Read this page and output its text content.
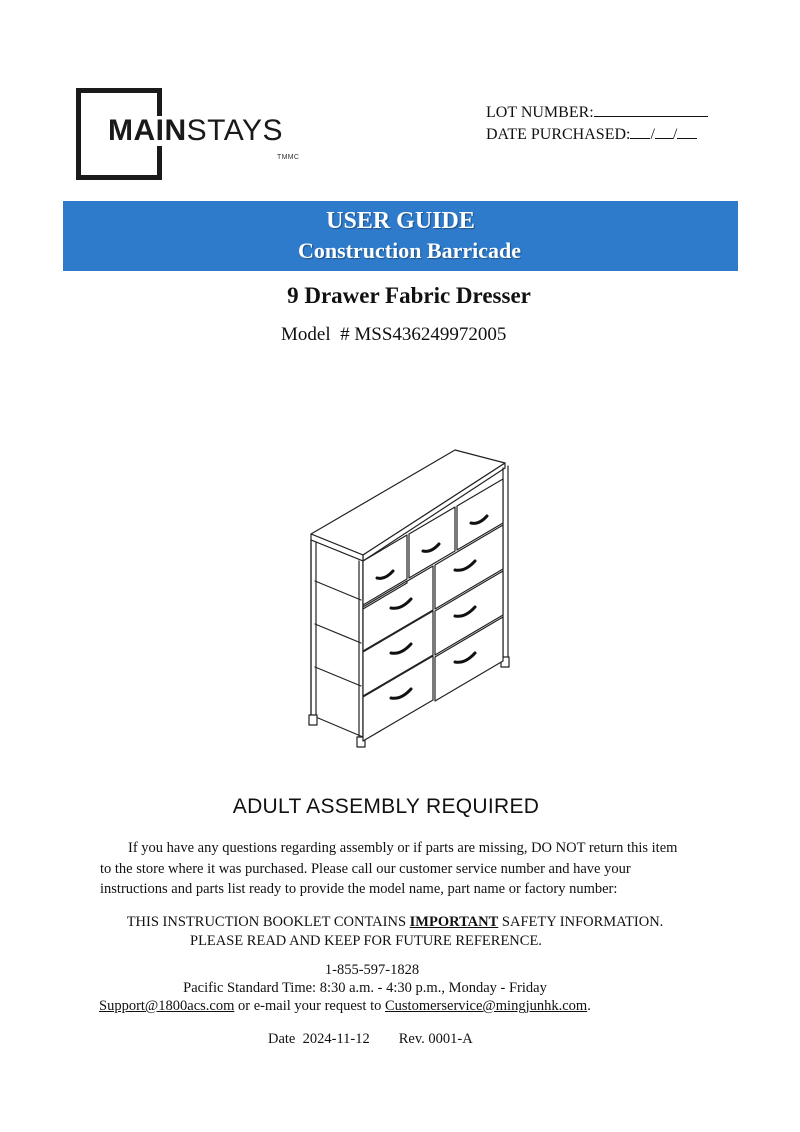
MAINSTAYS
TMMC
LOT NUMBER:
DATE PURCHASED: / /
USER GUIDE
Construction Barricade
9 Drawer Fabric Dresser
Model  # MSS436249972005
ADULT ASSEMBLY REQUIRED
If you have any questions regarding assembly or if parts are missing, DO NOT return this item to the store where it was purchased. Please call our customer service number and have your instructions and parts list ready to provide the model name, part name or factory number:
THIS INSTRUCTION BOOKLET CONTAINS IMPORTANT SAFETY INFORMATION.
PLEASE READ AND KEEP FOR FUTURE REFERENCE.
1-855-597-1828
Pacific Standard Time: 8:30 a.m. - 4:30 p.m., Monday - Friday
Support@1800acs.com or e-mail your request to Customerservice@mingjunhk.com.
Date  2024-11-12        Rev. 0001-A
